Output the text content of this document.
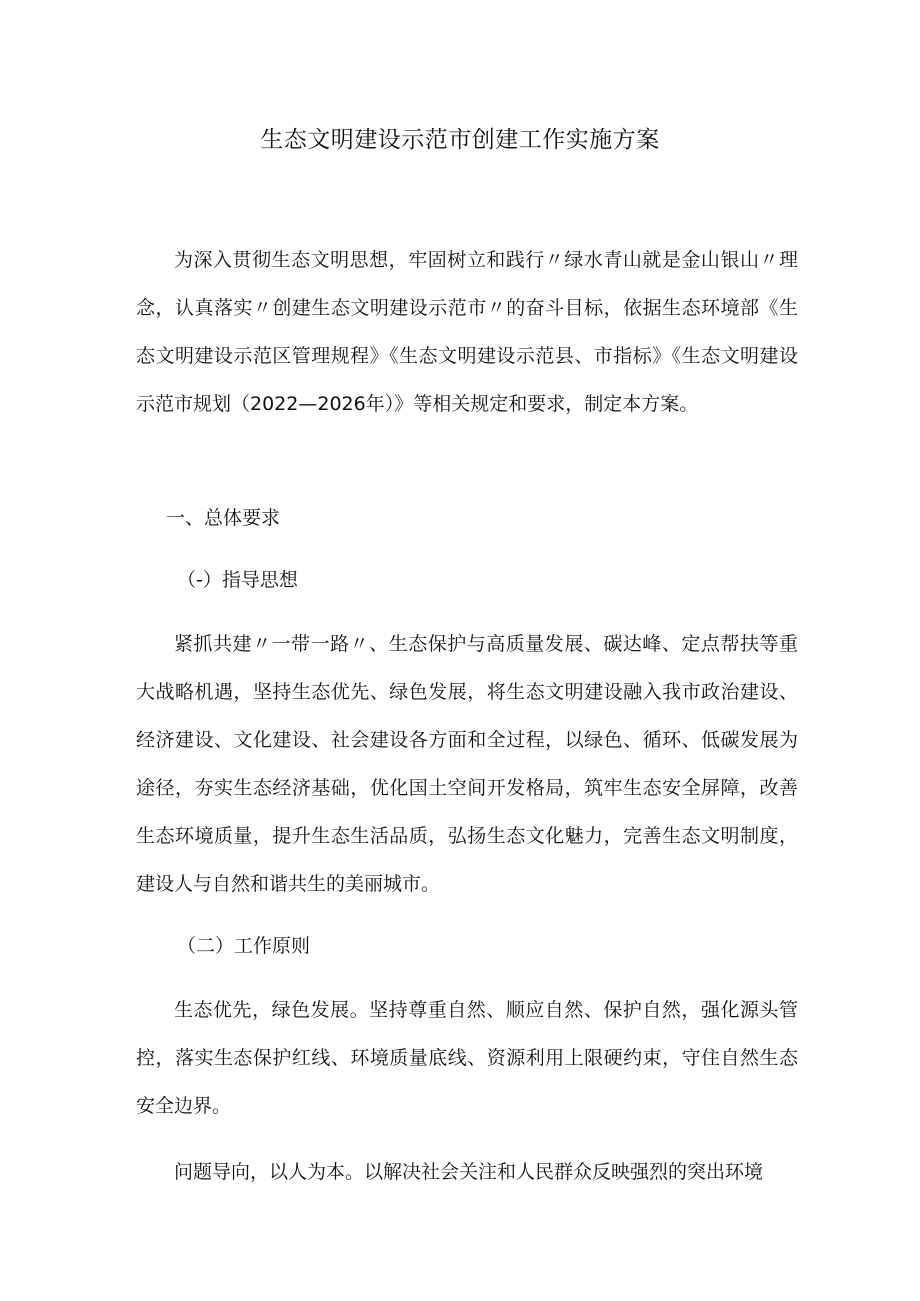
生态文明建设示范市创建工作实施方案

为深入贯彻生态文明思想，牢固树立和践行〃绿水青山就是金山银山〃理念，认真落实〃创建生态文明建设示范市〃的奋斗目标，依据生态环境部《生态文明建设示范区管理规程》《生态文明建设示范县、市指标》《生态文明建设示范市规划（2022—2026年）》等相关规定和要求，制定本方案。

一、总体要求

（-）指导思想

紧抓共建〃一带一路〃、生态保护与高质量发展、碳达峰、定点帮扶等重大战略机遇，坚持生态优先、绿色发展，将生态文明建设融入我市政治建设、经济建设、文化建设、社会建设各方面和全过程，以绿色、循环、低碳发展为途径，夯实生态经济基础，优化国土空间开发格局，筑牢生态安全屏障，改善生态环境质量，提升生态生活品质，弘扬生态文化魅力，完善生态文明制度，建设人与自然和谐共生的美丽城市。

（二）工作原则

生态优先，绿色发展。坚持尊重自然、顺应自然、保护自然，强化源头管控，落实生态保护红线、环境质量底线、资源利用上限硬约束，守住自然生态安全边界。

问题导向，以人为本。以解决社会关注和人民群众反映强烈的突出环境
